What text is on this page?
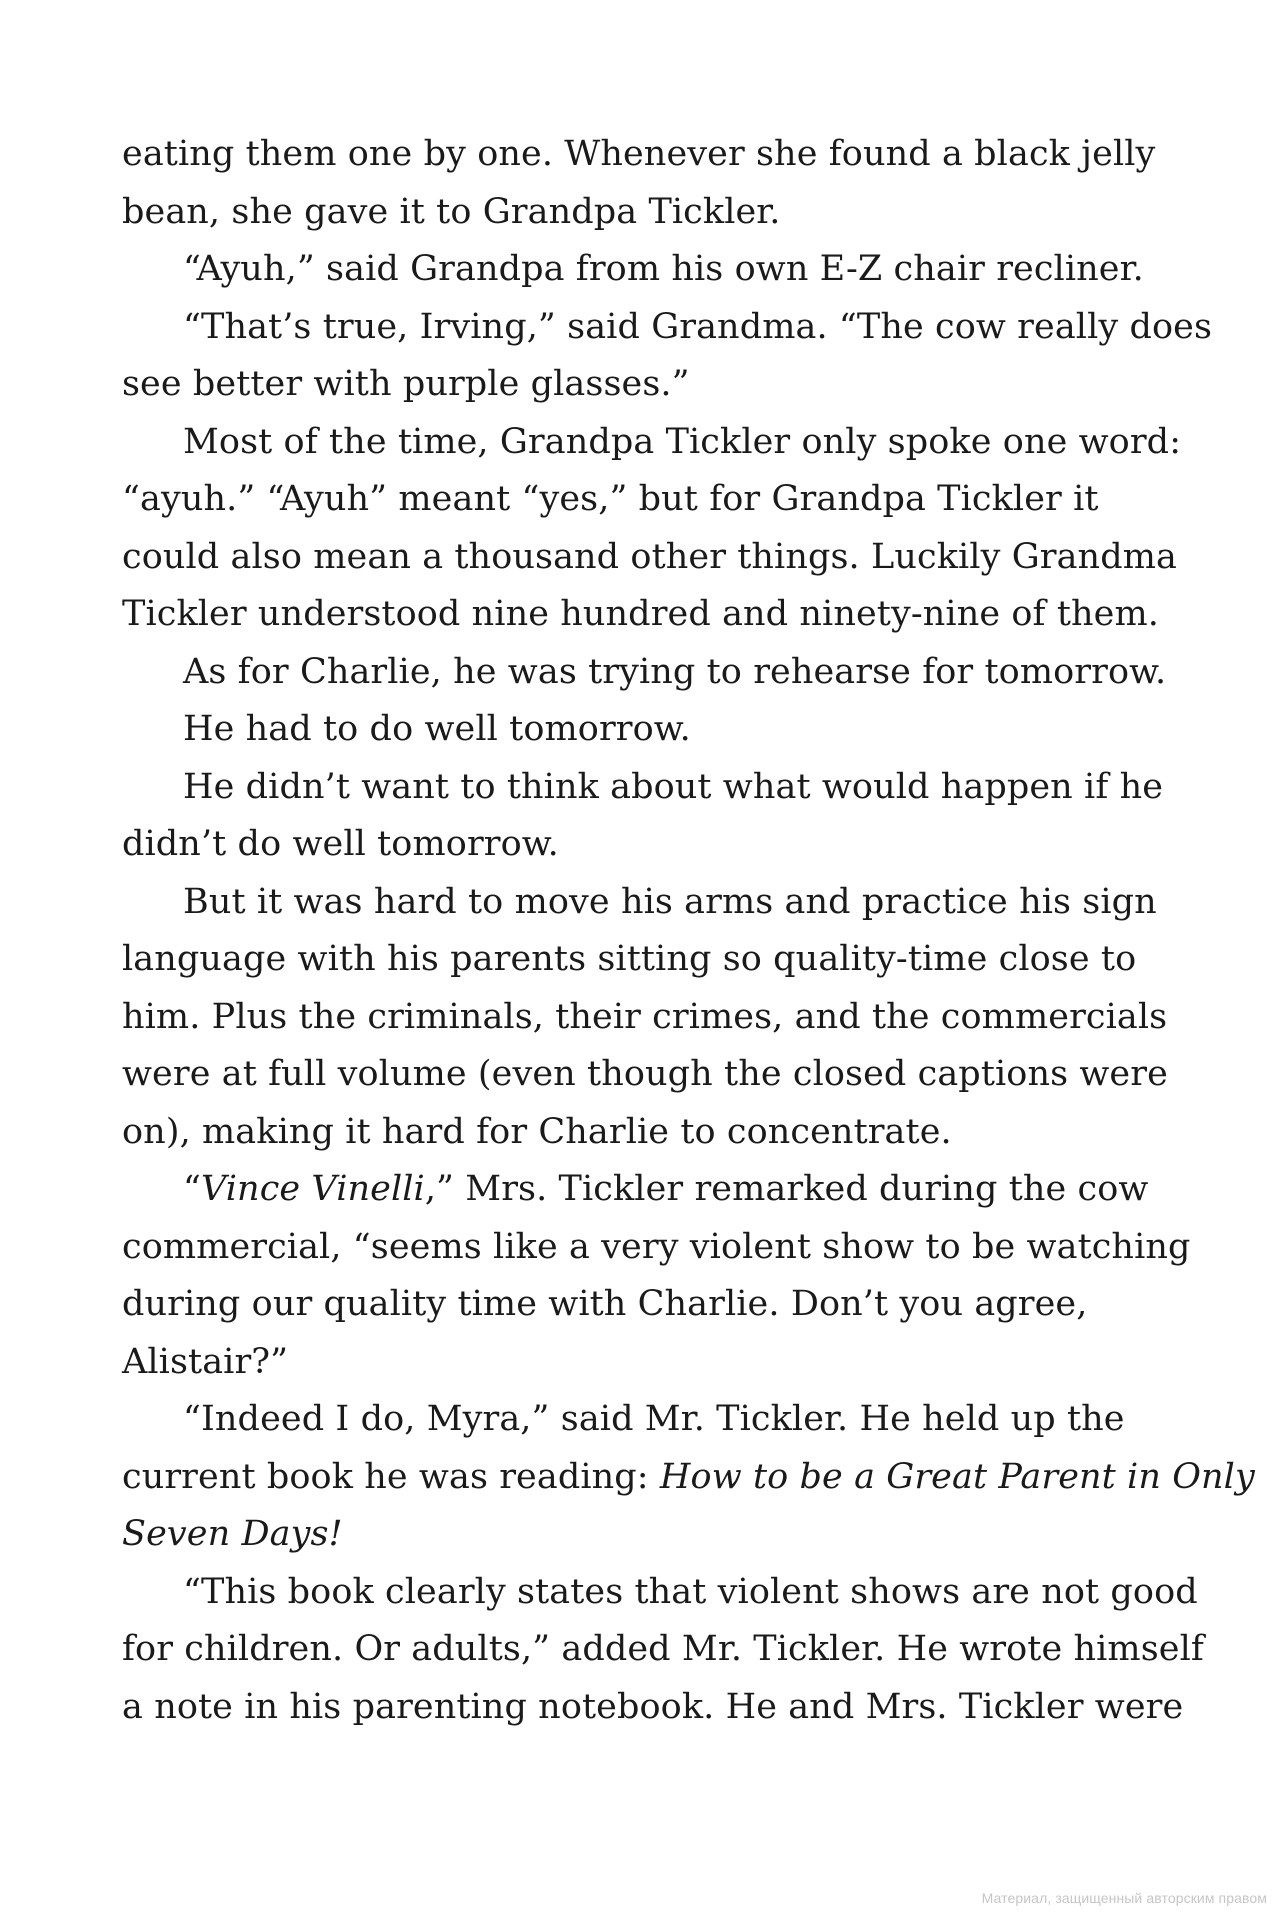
eating them one by one. Whenever she found a black jelly
bean, she gave it to Grandpa Tickler.
“Ayuh,” said Grandpa from his own E-Z chair recliner.
“That’s true, Irving,” said Grandma. “The cow really does
see better with purple glasses.”
Most of the time, Grandpa Tickler only spoke one word:
“ayuh.” “Ayuh” meant “yes,” but for Grandpa Tickler it
could also mean a thousand other things. Luckily Grandma
Tickler understood nine hundred and ninety-nine of them.
As for Charlie, he was trying to rehearse for tomorrow.
He had to do well tomorrow.
He didn’t want to think about what would happen if he
didn’t do well tomorrow.
But it was hard to move his arms and practice his sign
language with his parents sitting so quality-time close to
him. Plus the criminals, their crimes, and the commercials
were at full volume (even though the closed captions were
on), making it hard for Charlie to concentrate.
“Vince Vinelli,” Mrs. Tickler remarked during the cow
commercial, “seems like a very violent show to be watching
during our quality time with Charlie. Don’t you agree,
Alistair?”
“Indeed I do, Myra,” said Mr. Tickler. He held up the
current book he was reading: How to be a Great Parent in Only
Seven Days!
“This book clearly states that violent shows are not good
for children. Or adults,” added Mr. Tickler. He wrote himself
a note in his parenting notebook. He and Mrs. Tickler were
Материал, защищенный авторским правом
